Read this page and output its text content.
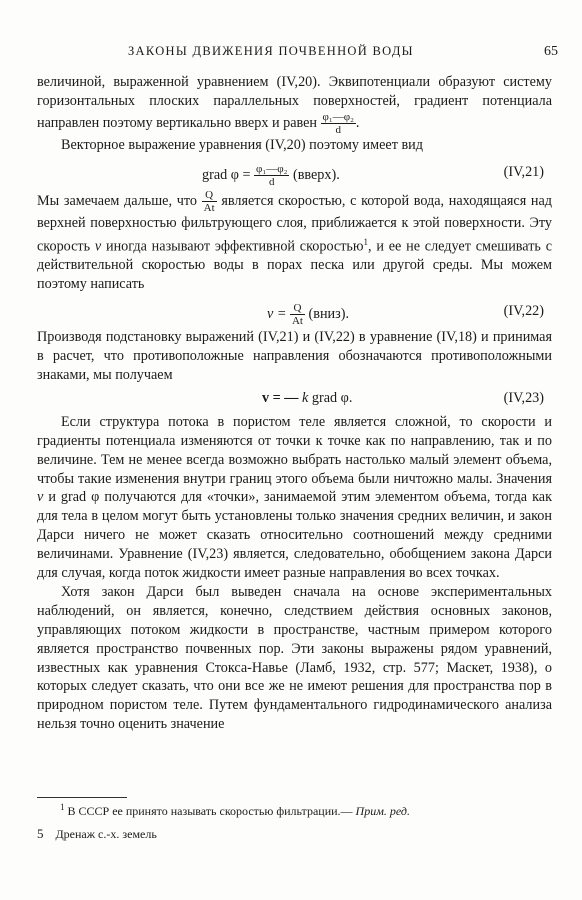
ЗАКОНЫ ДВИЖЕНИЯ ПОЧВЕННОЙ ВОДЫ	65

величиной, выраженной уравнением (IV,20). Эквипотенциали образуют систему горизонтальных плоских параллельных поверхностей, градиент потенциала направлен поэтому вертикально вверх и равен $\frac{\text{φ₁—φ₂}}{d}$ .

Векторное выражение уравнения (IV,20) поэтому имеет вид

grad $\varphi = \frac{\text{φ₁—φ₂}}{d}$ (вверх).	(IV,21)

Мы замечаем дальше, что $\frac{Q}{At}$ является скоростью, с которой вода, находящаяся над верхней поверхностью фильтрующего слоя, приближается к этой поверхности. Эту скорость v иногда называют эффективной скоростью$^1$, и ее не следует смешивать с действительной скоростью воды в порах песка или другой среды. Мы можем поэтому написать

$v = \frac{Q}{At}$ (вниз).	(IV,22)

Производя подстановку выражений (IV,21) и (IV,22) в уравнение (IV,18) и принимая в расчет, что противоположные направления обозначаются противоположными знаками, мы получаем

v = — k grad φ.	(IV,23)

Если структура потока в пористом теле является сложной, то скорости и градиенты потенциала изменяются от точки к точке как по направлению, так и по величине. Тем не менее всегда возможно выбрать настолько малый элемент объема, чтобы такие изменения внутри границ этого объема были ничтожно малы. Значения v и grad φ получаются для «точки», занимаемой этим элементом объема, тогда как для тела в целом могут быть установлены только значения средних величин, и закон Дарси ничего не может сказать относительно соотношений между средними величинами. Уравнение (IV,23) является, следовательно, обобщением закона Дарси для случая, когда поток жидкости имеет разные направления во всех точках.

Хотя закон Дарси был выведен сначала на основе экспериментальных наблюдений, он является, конечно, следствием действия основных законов, управляющих потоком жидкости в пространстве, частным примером которого является пространство почвенных пор. Эти законы выражены рядом уравнений, известных как уравнения Стокса-Навье (Ламб, 1932, стр. 577; Маскет, 1938), о которых следует сказать, что они все же не имеют решения для пространства пор в природном пористом теле. Путем фундаментального гидродинамического анализа нельзя точно оценить значение

$^1$ В СССР ее принято называть скоростью фильтрации.— Прим. ред.
5 Дренаж с.-х. земель
